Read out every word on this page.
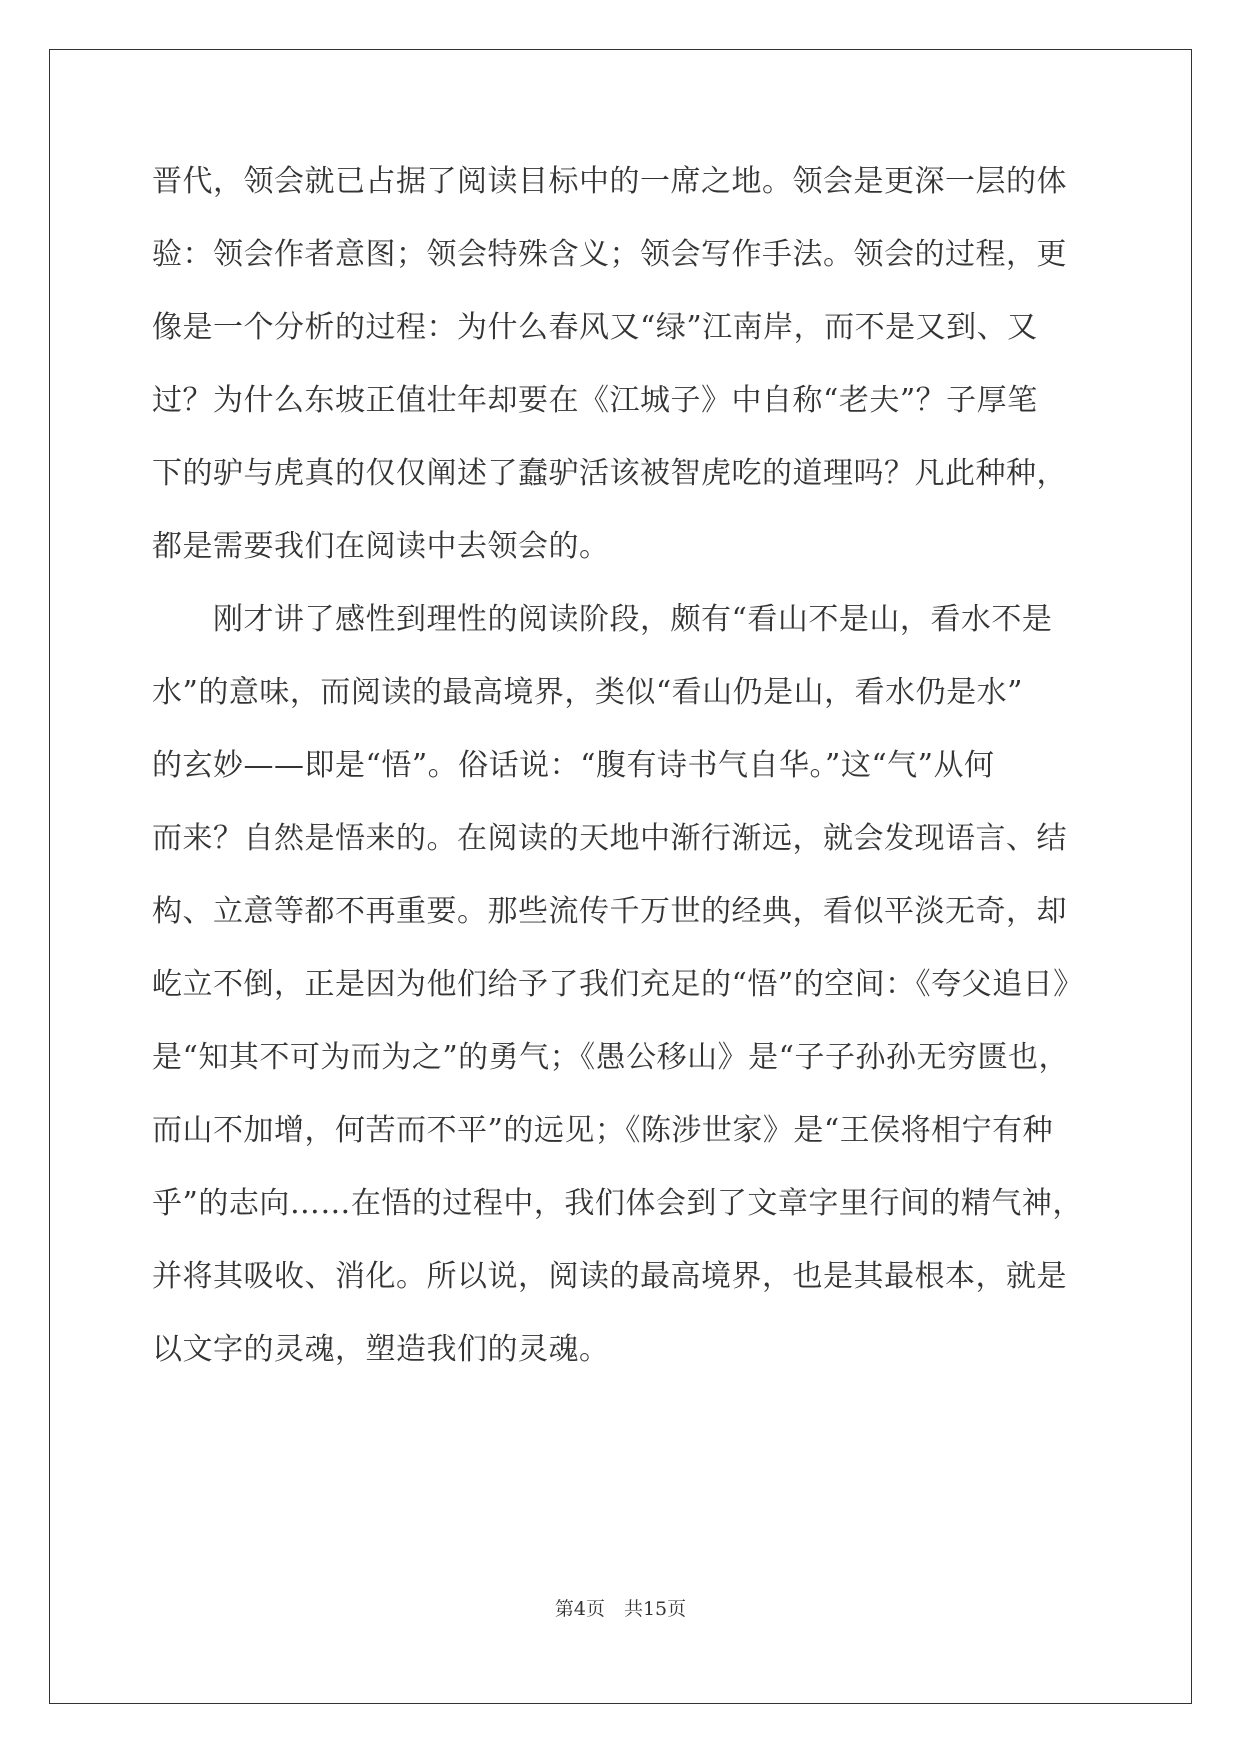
晋代，领会就已占据了阅读目标中的一席之地。领会是更深一层的体
验：领会作者意图；领会特殊含义；领会写作手法。领会的过程，更
像是一个分析的过程：为什么春风又“绿”江南岸，而不是又到、又
过？为什么东坡正值壮年却要在《江城子》中自称“老夫”？子厚笔
下的驴与虎真的仅仅阐述了蠢驴活该被智虎吃的道理吗？凡此种种，
都是需要我们在阅读中去领会的。
　　刚才讲了感性到理性的阅读阶段，颇有“看山不是山，看水不是
水”的意味，而阅读的最高境界，类似“看山仍是山，看水仍是水”
的玄妙——即是“悟”。俗话说：“腹有诗书气自华。”这“气”从何
而来？自然是悟来的。在阅读的天地中渐行渐远，就会发现语言、结
构、立意等都不再重要。那些流传千万世的经典，看似平淡无奇，却
屹立不倒，正是因为他们给予了我们充足的“悟”的空间：《夸父追日》
是“知其不可为而为之”的勇气；《愚公移山》是“子子孙孙无穷匮也，
而山不加增，何苦而不平”的远见；《陈涉世家》是“王侯将相宁有种
乎”的志向……在悟的过程中，我们体会到了文章字里行间的精气神，
并将其吸收、消化。所以说，阅读的最高境界，也是其最根本，就是
以文字的灵魂，塑造我们的灵魂。
第4页　共15页
